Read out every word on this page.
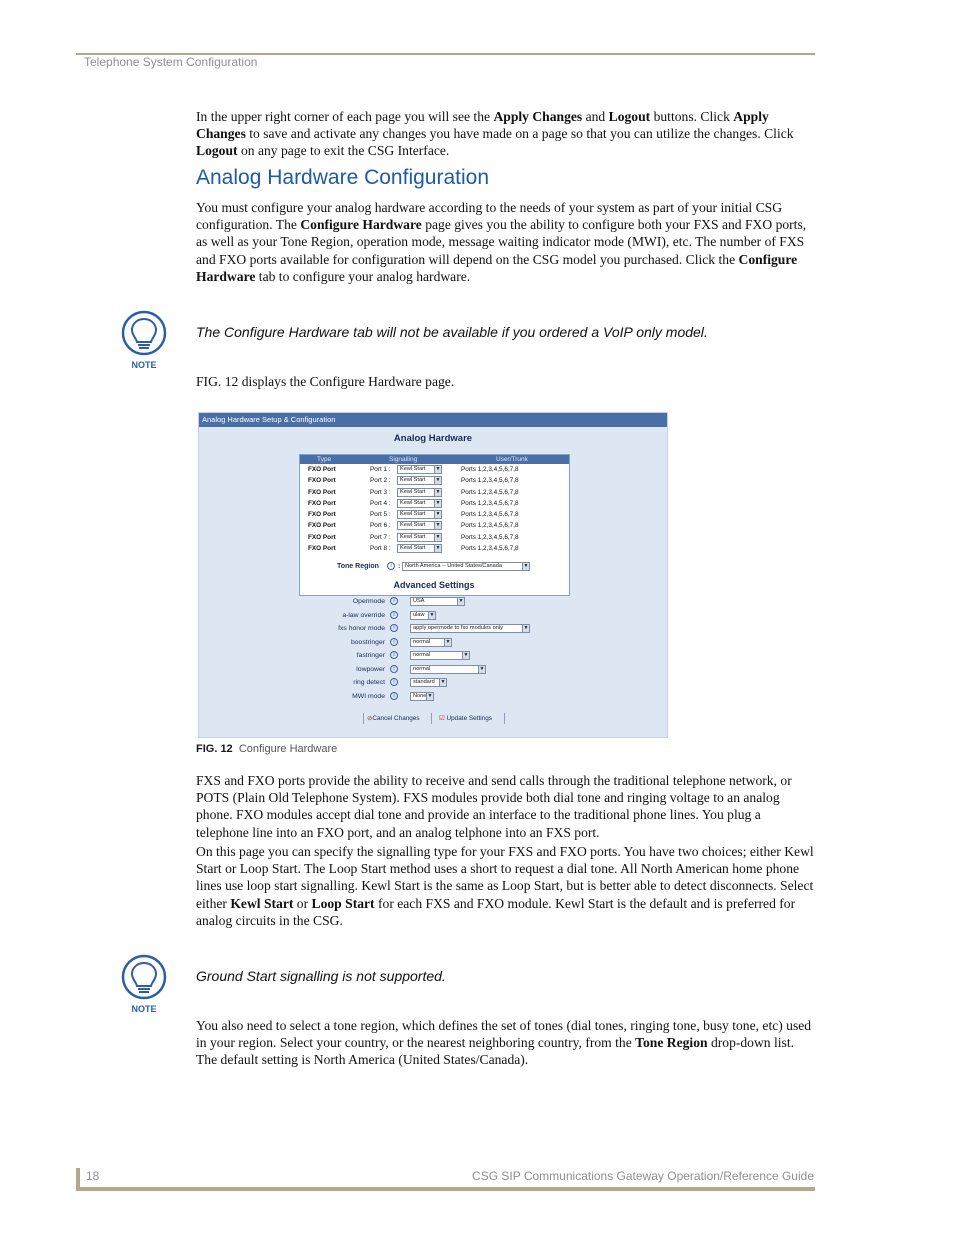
Telephone System Configuration

In the upper right corner of each page you will see the Apply Changes and Logout buttons. Click Apply Changes to save and activate any changes you have made on a page so that you can utilize the changes. Click Logout on any page to exit the CSG Interface.

Analog Hardware Configuration

You must configure your analog hardware according to the needs of your system as part of your initial CSG configuration. The Configure Hardware page gives you the ability to configure both your FXS and FXO ports, as well as your Tone Region, operation mode, message waiting indicator mode (MWI), etc. The number of FXS and FXO ports available for configuration will depend on the CSG model you purchased. Click the Configure Hardware tab to configure your analog hardware.

NOTE
The Configure Hardware tab will not be available if you ordered a VoIP only model.

FIG. 12 displays the Configure Hardware page.

Analog Hardware Setup & Configuration
Analog Hardware
Type	Signalling	User/Trunk
FXO Port	Port 1 : Kewl Start	▼	Ports 1,2,3,4,5,6,7,8
FXO Port	Port 2 : Kewl Start	▼	Ports 1,2,3,4,5,6,7,8
FXO Port	Port 3 : Kewl Start	▼	Ports 1,2,3,4,5,6,7,8
FXO Port	Port 4 : Kewl Start	▼	Ports 1,2,3,4,5,6,7,8
FXO Port	Port 5 : Kewl Start	▼	Ports 1,2,3,4,5,6,7,8
FXO Port	Port 6 : Kewl Start	▼	Ports 1,2,3,4,5,6,7,8
FXO Port	Port 7 : Kewl Start	▼	Ports 1,2,3,4,5,6,7,8
FXO Port	Port 8 : Kewl Start	▼	Ports 1,2,3,4,5,6,7,8
Tone Region	i : North America -- United States/Canada	▼
Advanced Settings
Opermode	i	USA	▼
a-law override	i	ulaw	▼
fxs honor mode	i	apply opermode to fxo modules only	▼
boostringer	i	normal	▼
fastringer	i	normal	▼
lowpower	i	normal	▼
ring detect	i	standard	▼
MWI mode	i	None ▼
⊘Cancel Changes	☑ Update Settings
FIG. 12 Configure Hardware

FXS and FXO ports provide the ability to receive and send calls through the traditional telephone network, or POTS (Plain Old Telephone System). FXS modules provide both dial tone and ringing voltage to an analog phone. FXO modules accept dial tone and provide an interface to the traditional phone lines. You plug a telephone line into an FXO port, and an analog telphone into an FXS port.

On this page you can specify the signalling type for your FXS and FXO ports. You have two choices; either Kewl Start or Loop Start. The Loop Start method uses a short to request a dial tone. All North American home phone lines use loop start signalling. Kewl Start is the same as Loop Start, but is better able to detect disconnects. Select either Kewl Start or Loop Start for each FXS and FXO module. Kewl Start is the default and is preferred for analog circuits in the CSG.

NOTE
Ground Start signalling is not supported.

You also need to select a tone region, which defines the set of tones (dial tones, ringing tone, busy tone, etc) used in your region. Select your country, or the nearest neighboring country, from the Tone Region drop-down list. The default setting is North America (United States/Canada).

18	CSG SIP Communications Gateway Operation/Reference Guide
